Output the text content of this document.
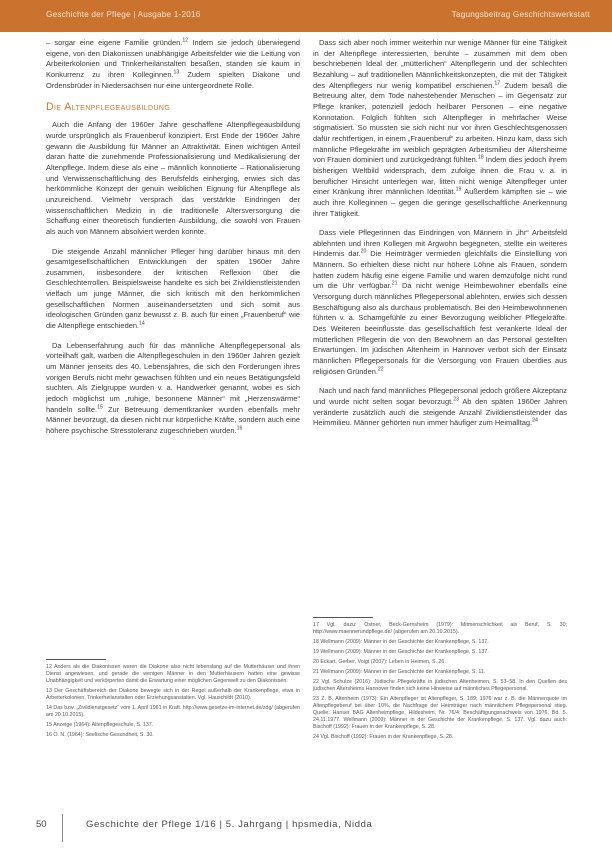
Geschichte der Pflege | Ausgabe 1-2016	Tagungsbeitrag Geschichtswerkstatt

– sorgar eine eigene Familie gründen.$^{12}$ Indem sie jedoch überwiegend eigene, von den Diakonissen unabhängige Arbeitsfelder wie die Leitung von Arbeiterkolonien und Trinkerheilanstalten besaßen, standen sie kaum in Konkurrenz zu ihren Kolleginnen.$^{13}$ Zudem spielten Diakone und Ordensbrüder in Niedersachsen nur eine untergeordnete Rolle.

Die Altenpflegeausbildung

Auch die Anfang der 1960er Jahre geschaffene Altenpflegeausbildung wurde ursprünglich als Frauenberuf konzipiert. Erst Ende der 1960er Jahre gewann die Ausbildung für Männer an Attraktivität. Einen wichtigen Anteil daran hatte die zunehmende Professionalisierung und Medikalisierung der Altenpflege. Indem diese als eine – männlich konnotierte – Rationalisierung und Verwissenschaftlichung des Berufsfelds einherging, erwies sich das herkömmliche Konzept der genuin weiblichen Eignung für Altenpflege als unzureichend. Vielmehr versprach das verstärkte Eindringen der wissenschaftlichen Medizin in die traditionelle Altersversorgung die Schaffung einer theoretisch fundierten Ausbildung, die sowohl von Frauen als auch von Männern absolviert werden konnte.

Die steigende Anzahl männlicher Pfleger hing darüber hinaus mit den gesamtgesellschaftlichen Entwicklungen der späten 1960er Jahre zusammen, insbesondere der kritischen Reflexion über die Geschlechterrollen. Beispielsweise handelte es sich bei Zivildienstleistenden vielfach um junge Männer, die sich kritisch mit den herkömmlichen gesellschaftlichen Normen auseinandersetzten und sich somit aus ideologischen Gründen ganz bewusst z. B. auch für einen „Frauenberuf“ wie die Altenpflege entschieden.$^{14}$

Da Lebenserfahrung auch für das männliche Altenpflegepersonal als vorteilhaft galt, warben die Altenpflegeschulen in den 1960er Jahren gezielt um Männer jenseits des 40. Lebensjahres, die sich den Forderungen ihres vorigen Berufs nicht mehr gewachsen fühlten und ein neues Betätigungsfeld suchten. Als Zielgruppe wurden v. a. Handwerker genannt, wobei es sich jedoch möglichst um „ruhige, besonnene Männer“ mit „Herzenswärme“ handeln sollte.$^{15}$ Zur Betreuung dementkranker wurden ebenfalls mehr Männer bevorzugt, da diesen nicht nur körperliche Kräfte, sondern auch eine höhere psychische Stresstoleranz zugeschrieben wurden.$^{16}$

Dass sich aber noch immer weiterhin nur wenige Männer für eine Tätigkeit in der Altenpflege interessierten, beruhte – zusammen mit dem oben beschriebenen Ideal der „mütterlichen“ Altenpflegerin und der schlechten Bezahlung – auf traditionellen Männlichkeitskonzepten, die mit der Tätigkeit des Altenpflegers nur wenig kompatibel erschienen.$^{17}$ Zudem besaß die Betreuung alter, dem Tode nahestehender Menschen – im Gegensatz zur Pflege kranker, potenziell jedoch heilbarer Personen – eine negative Konnotation. Folglich fühlten sich Altenpfleger in mehrfacher Weise stigmatisiert. So mussten sie sich nicht nur vor ihren Geschlechtsgenossen dafür rechtfertigen, in einem „Frauenberuf“ zu arbeiten. Hinzu kam, dass sich männliche Pflegekräfte im weiblich geprägten Arbeitsmilieu der Altersheime von Frauen dominiert und zurückgedrängt fühlten.$^{18}$ Indem dies jedoch ihrem bisherigen Weltbild widersprach, dem zufolge ihnen die Frau v. a. in beruflicher Hinsicht unterlegen war, litten nicht wenige Altenpfleger unter einer Kränkung ihrer männlichen Identität.$^{19}$ Außerdem kämpften sie – wie auch ihre Kolleginnen – gegen die geringe gesellschaftliche Anerkennung ihrer Tätigkeit.

Dass viele Pflegerinnen das Eindringen von Männern in „ihr“ Arbeitsfeld ablehnten und ihren Kollegen mit Argwohn begegneten, stellte ein weiteres Hindernis dar.$^{20}$ Die Heimträger vermieden gleichfalls die Einstellung von Männern. So erhielten diese nicht nur höhere Löhne als Frauen, sondern hatten zudem häufig eine eigene Familie und waren demzufolge nicht rund um die Uhr verfügbar.$^{21}$ Da nicht wenige Heimbewohner ebenfalls eine Versorgung durch männliches Pflegepersonal ablehnten, erwies sich dessen Beschäftigung also als durchaus problematisch. Bei den Heimbewohnnenen führten v. a. Schamgefühle zu einer Bevorzugung weiblicher Pflegekräfte. Des Weiteren beeinflusste das gesellschaftlich fest verankerte Ideal der mütterlichen Pflegerin die von den Bewohnern an das Personal gestellten Erwartungen. Im jüdischen Altenheim in Hannover verbot sich der Einsatz männlichen Pflegepersonals für die Versorgung von Frauen überdies aus religiösen Gründen.$^{22}$

Nach und nach fand männliches Pflegepersonal jedoch größere Akzeptanz und wurde nicht selten sogar bevorzugt.$^{23}$ Ab den späten 1960er Jahren veränderte zusätzlich auch die steigende Anzahl Zivildienstleistender das Heimmilieu. Männer gehörten nun immer häufiger zum Heimalltag.$^{24}$

12 Anders als die Diakonissen waren die Diakone also nicht lebenslang auf die Mutterhäuser und ihren Dienst angewiesen, und gerade die wenigen Männer in den Mutterhäusern hatten eine gewisse Unabhängigkeit und verkörperten damit die Erwartung einer möglichen Gegenwelt zu den Diakonissen.
13 Der Geschäftsbereich der Diakone bewegte sich in der Regel außerhalb der Krankenpflege, etwa in Arbeiterkolonien, Trinkerheilanstalten oder Erziehungsanstalten. Vgl. Hauschildt (2010).
14 Das bzw. „Zivildienstgesetz“ vom 1. April 1961 in Kraft. http://www.gesetze-im-internet.de/zdg/ (abgerufen am 20.10.2015).
15 Anzeige (1964): Altenpflegeschule, S. 137.
16 O. N. (1964): Seelische Gesundheit, S. 30.
17 Vgl. dazu: Ostner, Beck-Gernsheim (1979): Mitmenschlichkeit als Beruf, S. 30; http://www.maennerundpflege.de/ (abgerufen am 20.10.2015).
18 Wellmann (2009): Männer in der Geschichte der Krankenpflege, S. 137.
19 Wellmann (2009): Männer in der Geschichte der Krankenpflege, S. 137.
20 Eckart, Gerber, Voigt (2007): Leben in Heimen, S. 26.
21 Wellmann (2009): Männer in der Geschichte der Krankenpflege, S. 11.
22 Vgl. Schulze (2016): Jüdische Pflegekräfte in jüdischen Altenheimen, S. 53–58. In den Quellen des jüdischen Altersheims Hannover finden sich keine Hinweise auf männliches Pflegepersonal.
23 Z. B. Altenheim (1973): Ein Altenpfleger ist Altenpfleger, S. 189; 1976 war z. B. die Männerquote im Altenpflegeberuf bei über 10%, die Nachfrage der Heimträger nach männlichem Pflegepersonal stieg. Quelle: Hanser BAG Altenheimpflege, Hildesheim, Nr. 76/4: Beschäftigungsnachweis von 1976, Bd. 5. 24.11.1977. Wellmann (2009): Männer in der Geschichte der Krankenpflege, S. 137. Vgl. dazu auch: Bischoff (1992): Frauen in der Krankenpflege, S. 28.
24 Vgl. Bischoff (1992): Frauen in der Krankenpflege, S. 28.
50	Geschichte der Pflege 1/16 | 5. Jahrgang | hpsmedia, Nidda
